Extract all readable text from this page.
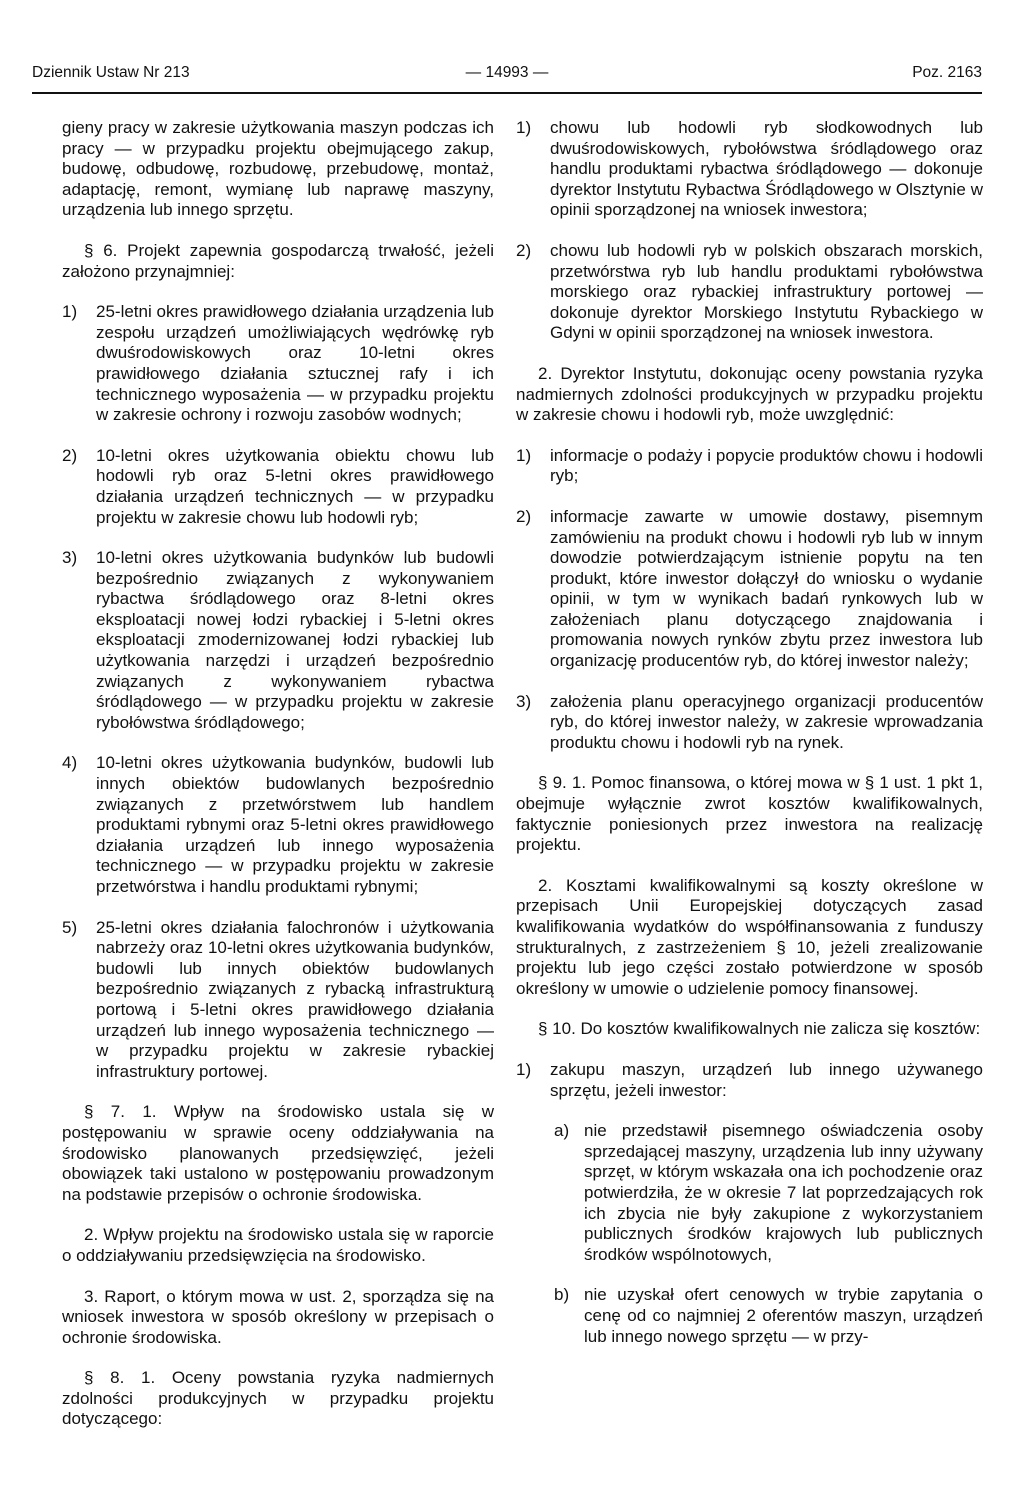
Dziennik Ustaw Nr 213	— 14993 —	Poz. 2163

gieny pracy w zakresie użytkowania maszyn podczas ich pracy — w przypadku projektu obejmującego zakup, budowę, odbudowę, rozbudowę, przebudowę, montaż, adaptację, remont, wymianę lub naprawę maszyny, urządzenia lub innego sprzętu.

§ 6. Projekt zapewnia gospodarczą trwałość, jeżeli założono przynajmniej:

1)	25-letni okres prawidłowego działania urządzenia lub zespołu urządzeń umożliwiających wędrówkę ryb dwuśrodowiskowych oraz 10-letni okres prawidłowego działania sztucznej rafy i ich technicznego wyposażenia — w przypadku projektu w zakresie ochrony i rozwoju zasobów wodnych;
2)	10-letni okres użytkowania obiektu chowu lub hodowli ryb oraz 5-letni okres prawidłowego działania urządzeń technicznych — w przypadku projektu w zakresie chowu lub hodowli ryb;
3)	10-letni okres użytkowania budynków lub budowli bezpośrednio związanych z wykonywaniem rybactwa śródlądowego oraz 8-letni okres eksploatacji nowej łodzi rybackiej i 5-letni okres eksploatacji zmodernizowanej łodzi rybackiej lub użytkowania narzędzi i urządzeń bezpośrednio związanych z wykonywaniem rybactwa śródlądowego — w przypadku projektu w zakresie rybołówstwa śródlądowego;
4)	10-letni okres użytkowania budynków, budowli lub innych obiektów budowlanych bezpośrednio związanych z przetwórstwem lub handlem produktami rybnymi oraz 5-letni okres prawidłowego działania urządzeń lub innego wyposażenia technicznego — w przypadku projektu w zakresie przetwórstwa i handlu produktami rybnymi;
5)	25-letni okres działania falochronów i użytkowania nabrzeży oraz 10-letni okres użytkowania budynków, budowli lub innych obiektów budowlanych bezpośrednio związanych z rybacką infrastrukturą portową i 5-letni okres prawidłowego działania urządzeń lub innego wyposażenia technicznego — w przypadku projektu w zakresie rybackiej infrastruktury portowej.

§ 7. 1. Wpływ na środowisko ustala się w postępowaniu w sprawie oceny oddziaływania na środowisko planowanych przedsięwzięć, jeżeli obowiązek taki ustalono w postępowaniu prowadzonym na podstawie przepisów o ochronie środowiska.

2. Wpływ projektu na środowisko ustala się w raporcie o oddziaływaniu przedsięwzięcia na środowisko.

3. Raport, o którym mowa w ust. 2, sporządza się na wniosek inwestora w sposób określony w przepisach o ochronie środowiska.

§ 8. 1. Oceny powstania ryzyka nadmiernych zdolności produkcyjnych w przypadku projektu dotyczącego:

1)	chowu lub hodowli ryb słodkowodnych lub dwuśrodowiskowych, rybołówstwa śródlądowego oraz handlu produktami rybactwa śródlądowego — dokonuje dyrektor Instytutu Rybactwa Śródlądowego w Olsztynie w opinii sporządzonej na wniosek inwestora;
2)	chowu lub hodowli ryb w polskich obszarach morskich, przetwórstwa ryb lub handlu produktami rybołówstwa morskiego oraz rybackiej infrastruktury portowej — dokonuje dyrektor Morskiego Instytutu Rybackiego w Gdyni w opinii sporządzonej na wniosek inwestora.

2. Dyrektor Instytutu, dokonując oceny powstania ryzyka nadmiernych zdolności produkcyjnych w przypadku projektu w zakresie chowu i hodowli ryb, może uwzględnić:

1)	informacje o podaży i popycie produktów chowu i hodowli ryb;
2)	informacje zawarte w umowie dostawy, pisemnym zamówieniu na produkt chowu i hodowli ryb lub w innym dowodzie potwierdzającym istnienie popytu na ten produkt, które inwestor dołączył do wniosku o wydanie opinii, w tym w wynikach badań rynkowych lub w założeniach planu dotyczącego znajdowania i promowania nowych rynków zbytu przez inwestora lub organizację producentów ryb, do której inwestor należy;
3)	założenia planu operacyjnego organizacji producentów ryb, do której inwestor należy, w zakresie wprowadzania produktu chowu i hodowli ryb na rynek.

§ 9. 1. Pomoc finansowa, o której mowa w § 1 ust. 1 pkt 1, obejmuje wyłącznie zwrot kosztów kwalifikowalnych, faktycznie poniesionych przez inwestora na realizację projektu.

2. Kosztami kwalifikowalnymi są koszty określone w przepisach Unii Europejskiej dotyczących zasad kwalifikowania wydatków do współfinansowania z funduszy strukturalnych, z zastrzeżeniem § 10, jeżeli zrealizowanie projektu lub jego części zostało potwierdzone w sposób określony w umowie o udzielenie pomocy finansowej.

§ 10. Do kosztów kwalifikowalnych nie zalicza się kosztów:

1)	zakupu maszyn, urządzeń lub innego używanego sprzętu, jeżeli inwestor:
a) nie przedstawił pisemnego oświadczenia osoby sprzedającej maszyny, urządzenia lub inny używany sprzęt, w którym wskazała ona ich pochodzenie oraz potwierdziła, że w okresie 7 lat poprzedzających rok ich zbycia nie były zakupione z wykorzystaniem publicznych środków krajowych lub publicznych środków wspólnotowych,
b) nie uzyskał ofert cenowych w trybie zapytania o cenę od co najmniej 2 oferentów maszyn, urządzeń lub innego nowego sprzętu — w przy-
